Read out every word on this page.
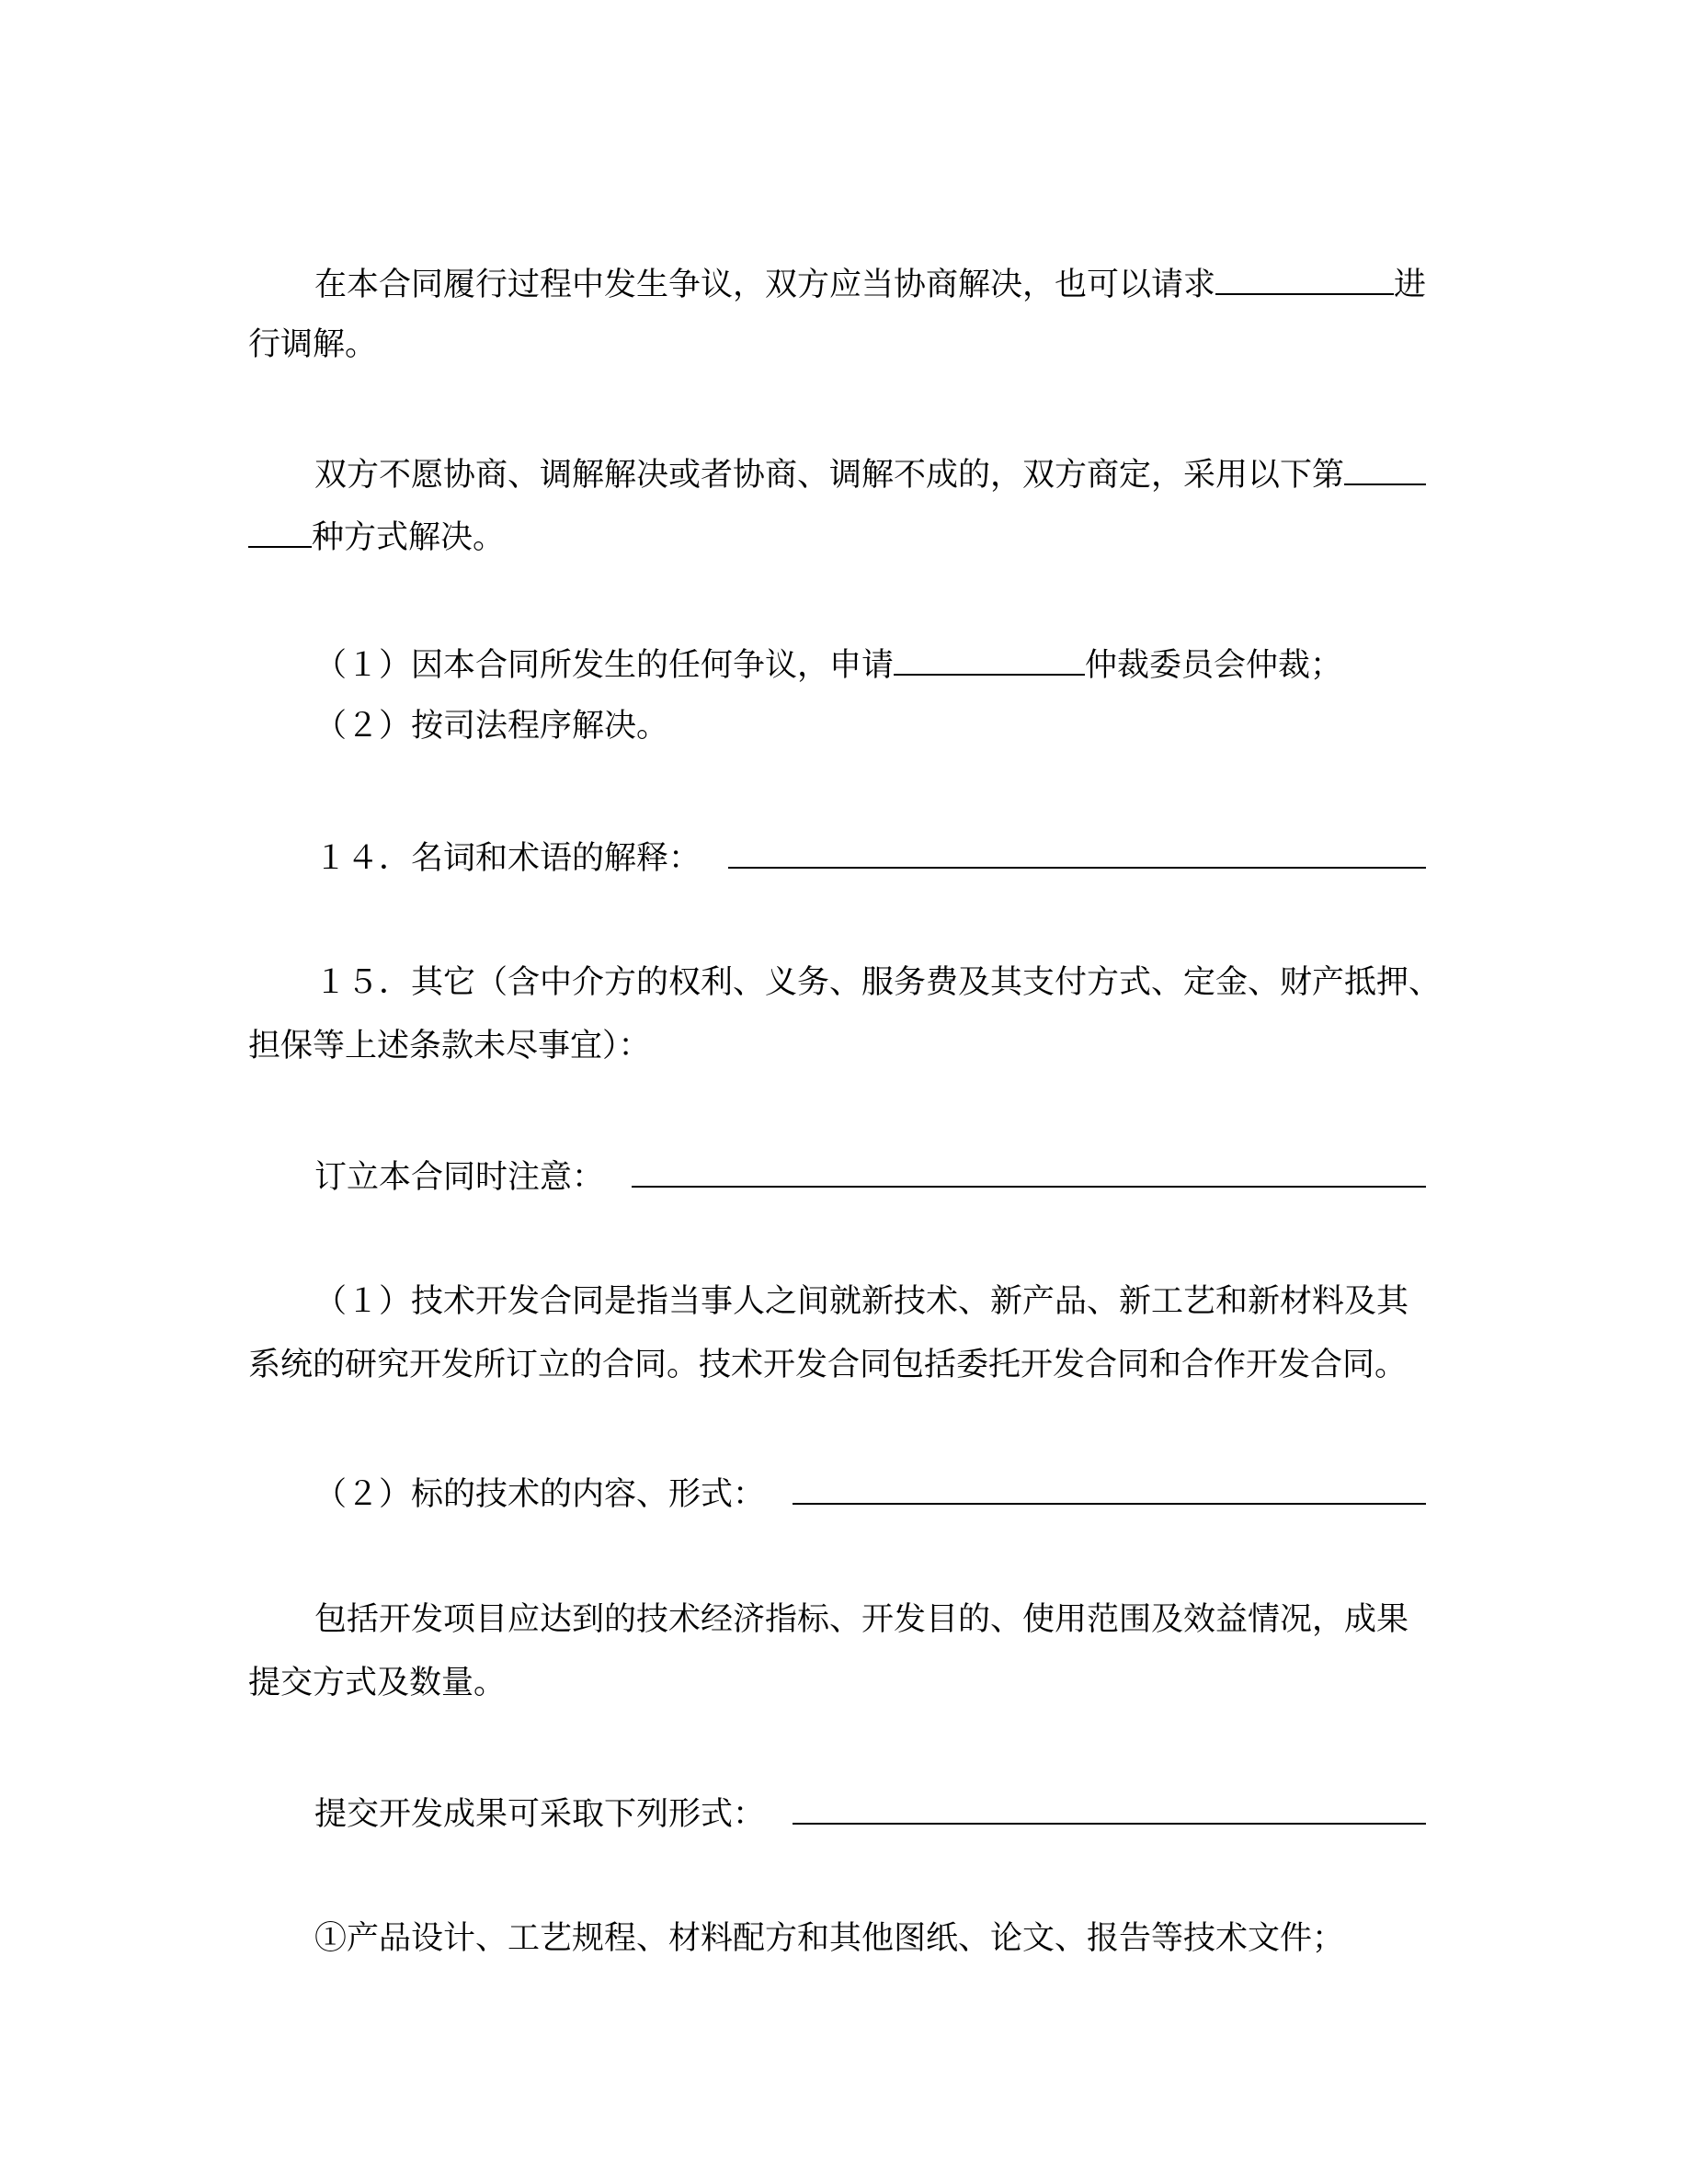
在本合同履行过程中发生争议，双方应当协商解决，也可以请求	进
行调解。
双方不愿协商、调解解决或者协商、调解不成的，双方商定，采用以下第
种方式解决。
（１）因本合同所发生的任何争议，申请	仲裁委员会仲裁；
（２）按司法程序解决。
１４．名词和术语的解释：
１５．其它（含中介方的权利、义务、服务费及其支付方式、定金、财产抵押、
担保等上述条款未尽事宜）：
订立本合同时注意：
（１）技术开发合同是指当事人之间就新技术、新产品、新工艺和新材料及其
系统的研究开发所订立的合同。技术开发合同包括委托开发合同和合作开发合同。
（２）标的技术的内容、形式：
包括开发项目应达到的技术经济指标、开发目的、使用范围及效益情况，成果
提交方式及数量。
提交开发成果可采取下列形式：
①产品设计、工艺规程、材料配方和其他图纸、论文、报告等技术文件；
